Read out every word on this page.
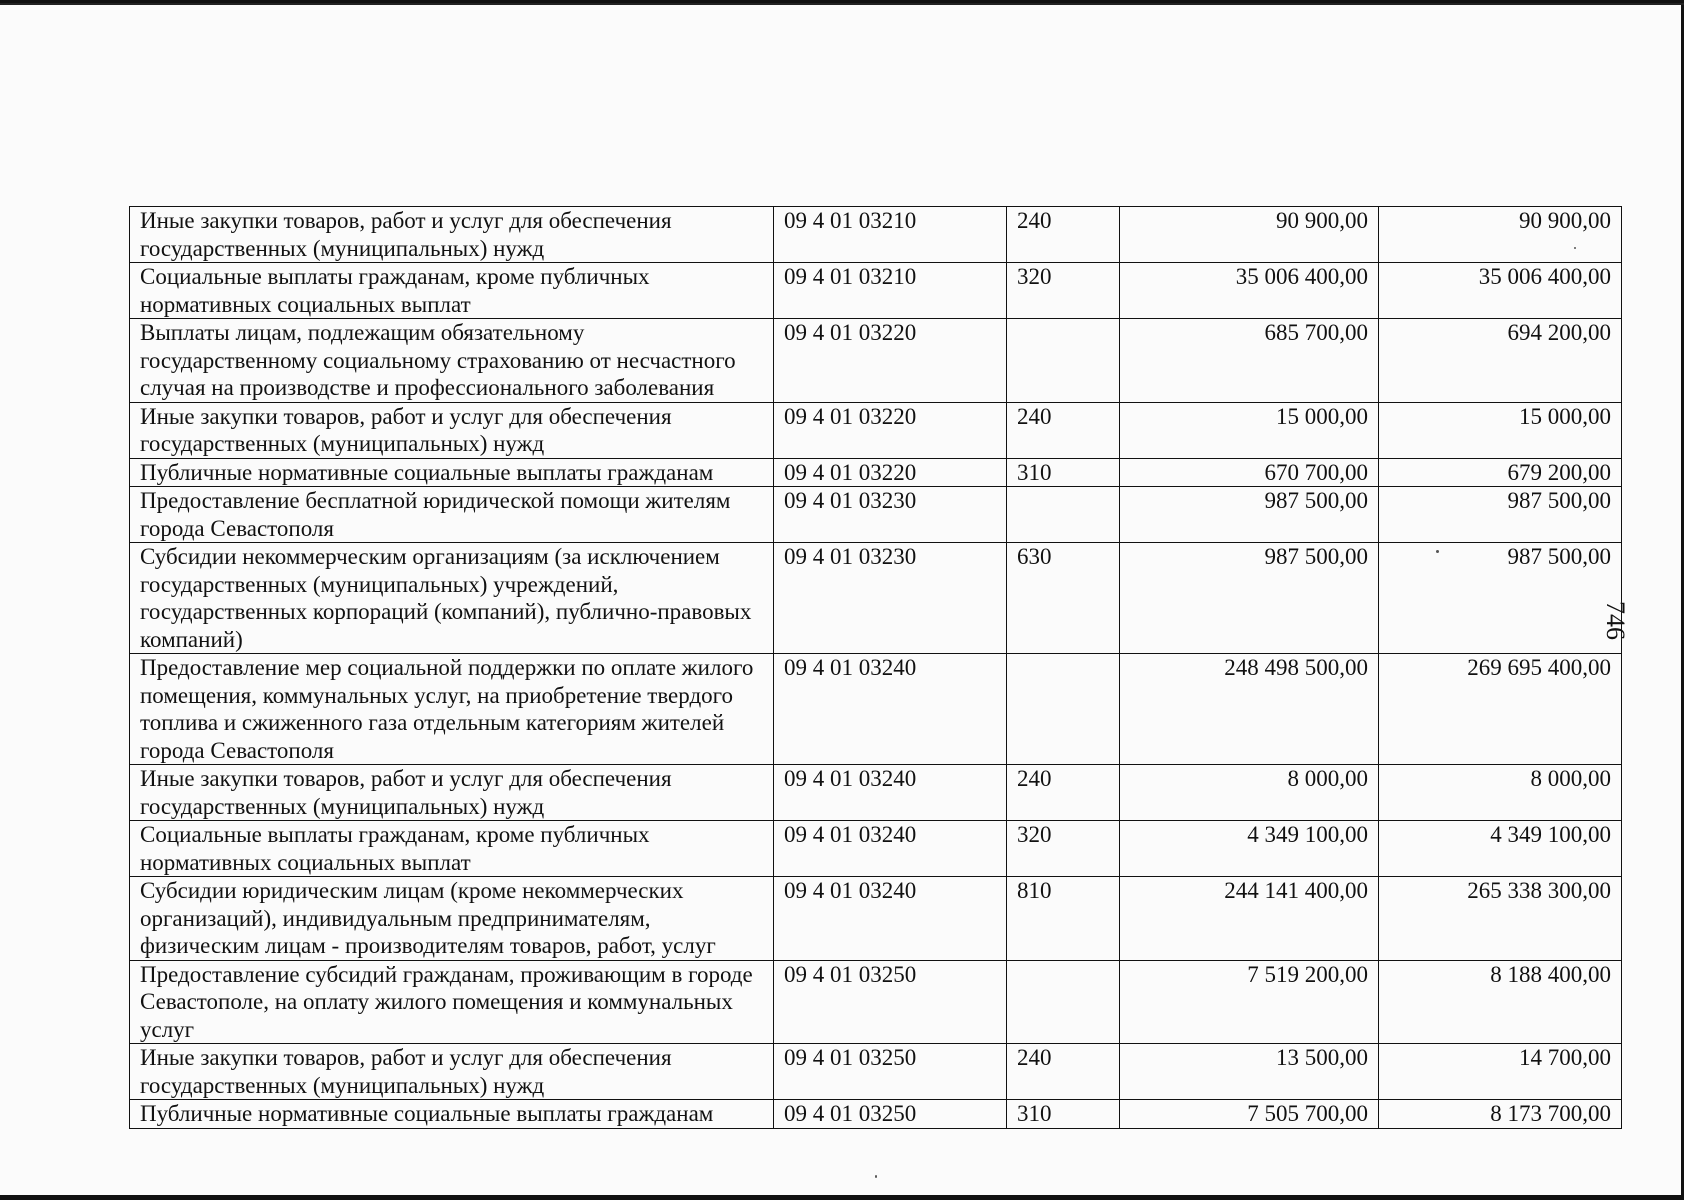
Иные закупки товаров, работ и услуг для обеспечения государственных (муниципальных) нужд	09 4 01 03210	240	90 900,00	90 900,00
Социальные выплаты гражданам, кроме публичных нормативных социальных выплат	09 4 01 03210	320	35 006 400,00	35 006 400,00
Выплаты лицам, подлежащим обязательному государственному социальному страхованию от несчастного случая на производстве и профессионального заболевания	09 4 01 03220		685 700,00	694 200,00
Иные закупки товаров, работ и услуг для обеспечения государственных (муниципальных) нужд	09 4 01 03220	240	15 000,00	15 000,00
Публичные нормативные социальные выплаты гражданам	09 4 01 03220	310	670 700,00	679 200,00
Предоставление бесплатной юридической помощи жителям города Севастополя	09 4 01 03230		987 500,00	987 500,00
Субсидии некоммерческим организациям (за исключением государственных (муниципальных) учреждений, государственных корпораций (компаний), публично-правовых компаний)	09 4 01 03230	630	987 500,00	987 500,00
Предоставление мер социальной поддержки по оплате жилого помещения, коммунальных услуг, на приобретение твердого топлива и сжиженного газа отдельным категориям жителей города Севастополя	09 4 01 03240		248 498 500,00	269 695 400,00
Иные закупки товаров, работ и услуг для обеспечения государственных (муниципальных) нужд	09 4 01 03240	240	8 000,00	8 000,00
Социальные выплаты гражданам, кроме публичных нормативных социальных выплат	09 4 01 03240	320	4 349 100,00	4 349 100,00
Субсидии юридическим лицам (кроме некоммерческих организаций), индивидуальным предпринимателям, физическим лицам - производителям товаров, работ, услуг	09 4 01 03240	810	244 141 400,00	265 338 300,00
Предоставление субсидий гражданам, проживающим в городе Севастополе, на оплату жилого помещения и коммунальных услуг	09 4 01 03250		7 519 200,00	8 188 400,00
Иные закупки товаров, работ и услуг для обеспечения государственных (муниципальных) нужд	09 4 01 03250	240	13 500,00	14 700,00
Публичные нормативные социальные выплаты гражданам	09 4 01 03250	310	7 505 700,00	8 173 700,00
746
